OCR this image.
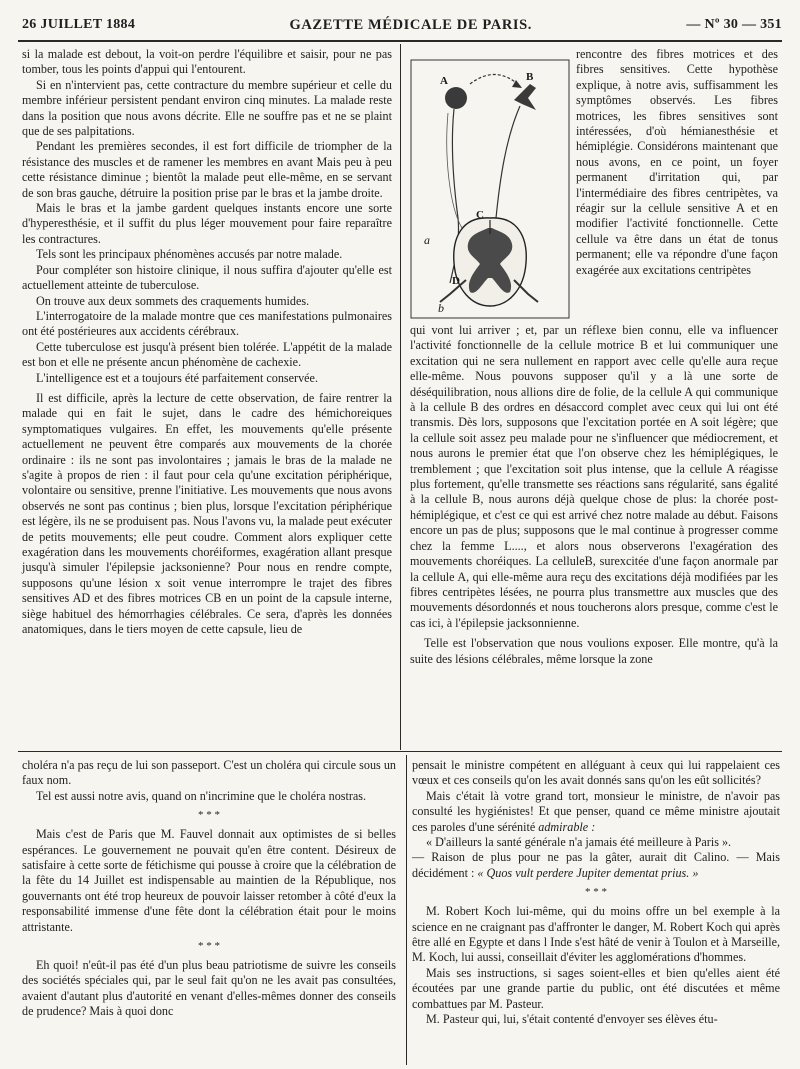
26 JUILLET 1884	GAZETTE MÉDICALE DE PARIS.	— Nº 30 — 351

si la malade est debout, la voit-on perdre l'équilibre et saisir, pour ne pas tomber, tous les points d'appui qui l'entourent.

Si en n'intervient pas, cette contracture du membre supérieur et celle du membre inférieur persistent pendant environ cinq minutes. La malade reste dans la position que nous avons décrite. Elle ne souffre pas et ne se plaint que de ses palpitations.

Pendant les premières secondes, il est fort difficile de triompher de la résistance des muscles et de ramener les membres en avant Mais peu à peu cette résistance diminue ; bientôt la malade peut elle-même, en se servant de son bras gauche, détruire la position prise par le bras et la jambe droite.

Mais le bras et la jambe gardent quelques instants encore une sorte d'hyperesthésie, et il suffit du plus léger mouvement pour faire reparaître les contractures.

Tels sont les principaux phénomènes accusés par notre malade.

Pour compléter son histoire clinique, il nous suffira d'ajouter qu'elle est actuellement atteinte de tuberculose.

On trouve aux deux sommets des craquements humides.

L'interrogatoire de la malade montre que ces manifestations pulmonaires ont été postérieures aux accidents cérébraux.

Cette tuberculose est jusqu'à présent bien tolérée. L'appétit de la malade est bon et elle ne présente ancun phénomène de cachexie.

L'intelligence est et a toujours été parfaitement conservée.

Il est difficile, après la lecture de cette observation, de faire rentrer la malade qui en fait le sujet, dans le cadre des hémichoreiques symptomatiques vulgaires. En effet, les mouvements qu'elle présente actuellement ne peuvent être comparés aux mouvements de la chorée ordinaire : ils ne sont pas involontaires ; jamais le bras de la malade ne s'agite à propos de rien : il faut pour cela qu'une excitation périphérique, volontaire ou sensitive, prenne l'initiative. Les mouvements que nous avons observés ne sont pas continus ; bien plus, lorsque l'excitation périphérique est légère, ils ne se produisent pas. Nous l'avons vu, la malade peut exécuter de petits mouvements; elle peut coudre. Comment alors expliquer cette exagération dans les mouvements choréiformes, exagération allant presque jusqu'à simuler l'épilepsie jacksonienne? Pour nous en rendre compte, supposons qu'une lésion x soit venue interrompre le trajet des fibres sensitives AD et des fibres motrices CB en un point de la capsule interne, siège habituel des hémorrhagies célébrales. Ce sera, d'après les données anatomiques, dans le tiers moyen de cette capsule, lieu de

A	B
C
D
a
b

rencontre des fibres motrices et des fibres sensitives. Cette hypothèse explique, à notre avis, suffisamment les symptômes observés. Les fibres motrices, les fibres sensitives sont intéressées, d'où hémianesthésie et hémiplégie. Considérons maintenant que nous avons, en ce point, un foyer permanent d'irritation qui, par l'intermédiaire des fibres centripètes, va réagir sur la cellule sensitive A et en modifier l'activité fonctionnelle. Cette cellule va être dans un état de tonus permanent; elle va répondre d'une façon exagérée aux excitations centripètes

qui vont lui arriver ; et, par un réflexe bien connu, elle va influencer l'activité fonctionnelle de la cellule motrice B et lui communiquer une excitation qui ne sera nullement en rapport avec celle qu'elle aura reçue elle-même. Nous pouvons supposer qu'il y a là une sorte de déséquilibration, nous allions dire de folie, de la cellule A qui communique à la cellule B des ordres en désaccord complet avec ceux qui lui ont été transmis. Dès lors, supposons que l'excitation portée en A soit légère; que la cellule soit assez peu malade pour ne s'influencer que médiocrement, et nous aurons le premier état que l'on observe chez les hémiplégiques, le tremblement ; que l'excitation soit plus intense, que la cellule A réagisse plus fortement, qu'elle transmette ses réactions sans régularité, sans égalité à la cellule B, nous aurons déjà quelque chose de plus: la chorée post-hémiplégique, et c'est ce qui est arrivé chez notre malade au début. Faisons encore un pas de plus; supposons que le mal continue à progresser comme chez la femme L...., et alors nous observerons l'exagération des mouvements choréiques. La celluleB, surexcitée d'une façon anormale par la cellule A, qui elle-même aura reçu des excitations déjà modifiées par les fibres centripètes lésées, ne pourra plus transmettre aux muscles que des mouvements désordonnés et nous toucherons alors presque, comme c'est le cas ici, à l'épilepsie jacksonnienne.

Telle est l'observation que nous voulions exposer. Elle montre, qu'à la suite des lésions célébrales, même lorsque la zone

choléra n'a pas reçu de lui son passeport. C'est un choléra qui circule sous un faux nom.

Tel est aussi notre avis, quand on n'incrimine que le choléra nostras.

* * *

Mais c'est de Paris que M. Fauvel donnait aux optimistes de si belles espérances. Le gouvernement ne pouvait qu'en être content. Désireux de satisfaire à cette sorte de fétichisme qui pousse à croire que la célébration de la fête du 14 Juillet est indispensable au maintien de la République, nos gouvernants ont été trop heureux de pouvoir laisser retomber à côté d'eux la responsabilité immense d'une fête dont la célébration était pour le moins attristante.

* * *

Eh quoi! n'eût-il pas été d'un plus beau patriotisme de suivre les conseils des sociétés spéciales qui, par le seul fait qu'on ne les avait pas consultées, avaient d'autant plus d'autorité en venant d'elles-mêmes donner des conseils de prudence? Mais à quoi donc

pensait le ministre compétent en alléguant à ceux qui lui rappelaient ces vœux et ces conseils qu'on les avait donnés sans qu'on les eût sollicités?

Mais c'était là votre grand tort, monsieur le ministre, de n'avoir pas consulté les hygiénistes! Et que penser, quand ce même ministre ajoutait ces paroles d'une sérénité admirable :

« D'ailleurs la santé générale n'a jamais été meilleure à Paris ».

— Raison de plus pour ne pas la gâter, aurait dit Calino. — Mais décidément : « Quos vult perdere Jupiter dementat prius. »

* * *

M. Robert Koch lui-même, qui du moins offre un bel exemple à la science en ne craignant pas d'affronter le danger, M. Robert Koch qui après être allé en Egypte et dans l Inde s'est hâté de venir à Toulon et à Marseille, M. Koch, lui aussi, conseillait d'éviter les agglomérations d'hommes.

Mais ses instructions, si sages soient-elles et bien qu'elles aient été écoutées par une grande partie du public, ont été discutées et même combattues par M. Pasteur.

M. Pasteur qui, lui, s'était contenté d'envoyer ses élèves étu-
